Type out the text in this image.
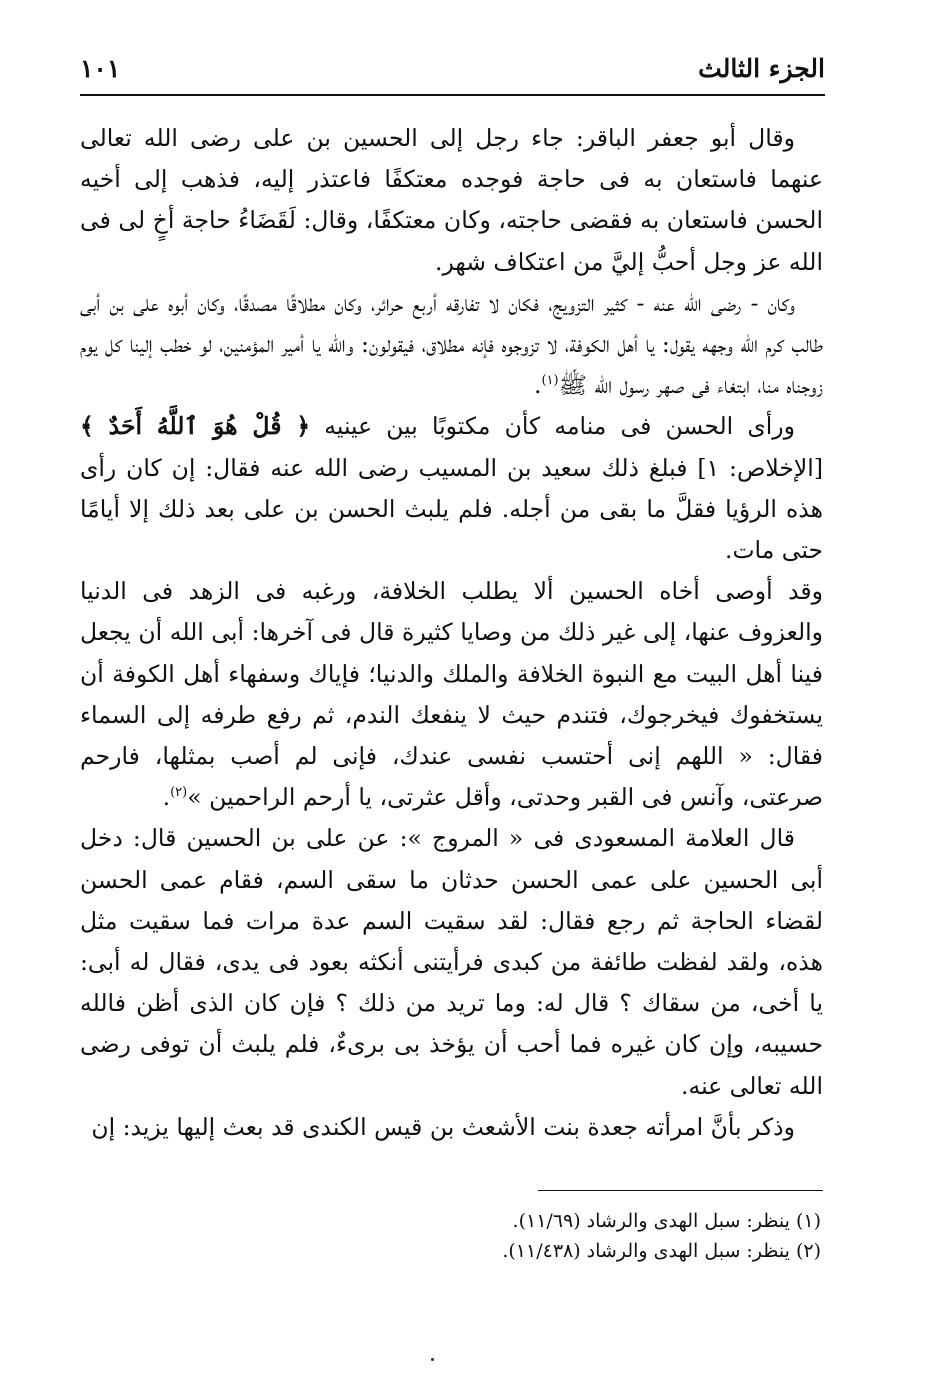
الجزء الثالث
١٠١

وقال أبو جعفر الباقر: جاء رجل إلى الحسين بن على رضى الله تعالى عنهما فاستعان به فى حاجة فوجده معتكفًا فاعتذر إليه، فذهب إلى أخيه الحسن فاستعان به فقضى حاجته، وكان معتكفًا، وقال: لَقَضَاءُ حاجة أخٍ لى فى الله عز وجل أحبُّ إليَّ من اعتكاف شهر.

وكان - رضى الله عنه - كثير التزويج، فكان لا تفارقه أربع حرائر، وكان مطلاقًا مصدقًا، وكان أبوه على بن أبى طالب كرم الله وجهه يقول: يا أهل الكوفة، لا تزوجوه فإنه مطلاق، فيقولون: والله يا أمير المؤمنين، لو خطب إلينا كل يوم زوجناه منا، ابتغاء فى صهر رسول الله ﷺ$^{(١)}$.

ورأى الحسن فى منامه كأن مكتوبًا بين عينيه ﴿ قُلْ هُوَ ٱللَّهُ أَحَدٌ ﴾ [الإخلاص: ١] فبلغ ذلك سعيد بن المسيب رضى الله عنه فقال: إن كان رأى هذه الرؤيا فقلَّ ما بقى من أجله. فلم يلبث الحسن بن على بعد ذلك إلا أيامًا حتى مات.

وقد أوصى أخاه الحسين ألا يطلب الخلافة، ورغبه فى الزهد فى الدنيا والعزوف عنها، إلى غير ذلك من وصايا كثيرة قال فى آخرها: أبى الله أن يجعل فينا أهل البيت مع النبوة الخلافة والملك والدنيا؛ فإياك وسفهاء أهل الكوفة أن يستخفوك فيخرجوك، فتندم حيث لا ينفعك الندم، ثم رفع طرفه إلى السماء فقال: « اللهم إنى أحتسب نفسى عندك، فإنى لم أصب بمثلها، فارحم صرعتى، وآنس فى القبر وحدتى، وأقل عثرتى، يا أرحم الراحمين »$^{(٢)}$.

قال العلامة المسعودى فى « المروج »: عن على بن الحسين قال: دخل أبى الحسين على عمى الحسن حدثان ما سقى السم، فقام عمى الحسن لقضاء الحاجة ثم رجع فقال: لقد سقيت السم عدة مرات فما سقيت مثل هذه، ولقد لفظت طائفة من كبدى فرأيتنى أنكثه بعود فى يدى، فقال له أبى: يا أخى، من سقاك ؟ قال له: وما تريد من ذلك ؟ فإن كان الذى أظن فالله حسيبه، وإن كان غيره فما أحب أن يؤخذ بى برىءٌ، فلم يلبث أن توفى رضى الله تعالى عنه.

وذكر بأنَّ امرأته جعدة بنت الأشعث بن قيس الكندى قد بعث إليها يزيد: إن

(١) ينظر: سبل الهدى والرشاد (١١/٦٩).
(٢) ينظر: سبل الهدى والرشاد (١١/٤٣٨).
